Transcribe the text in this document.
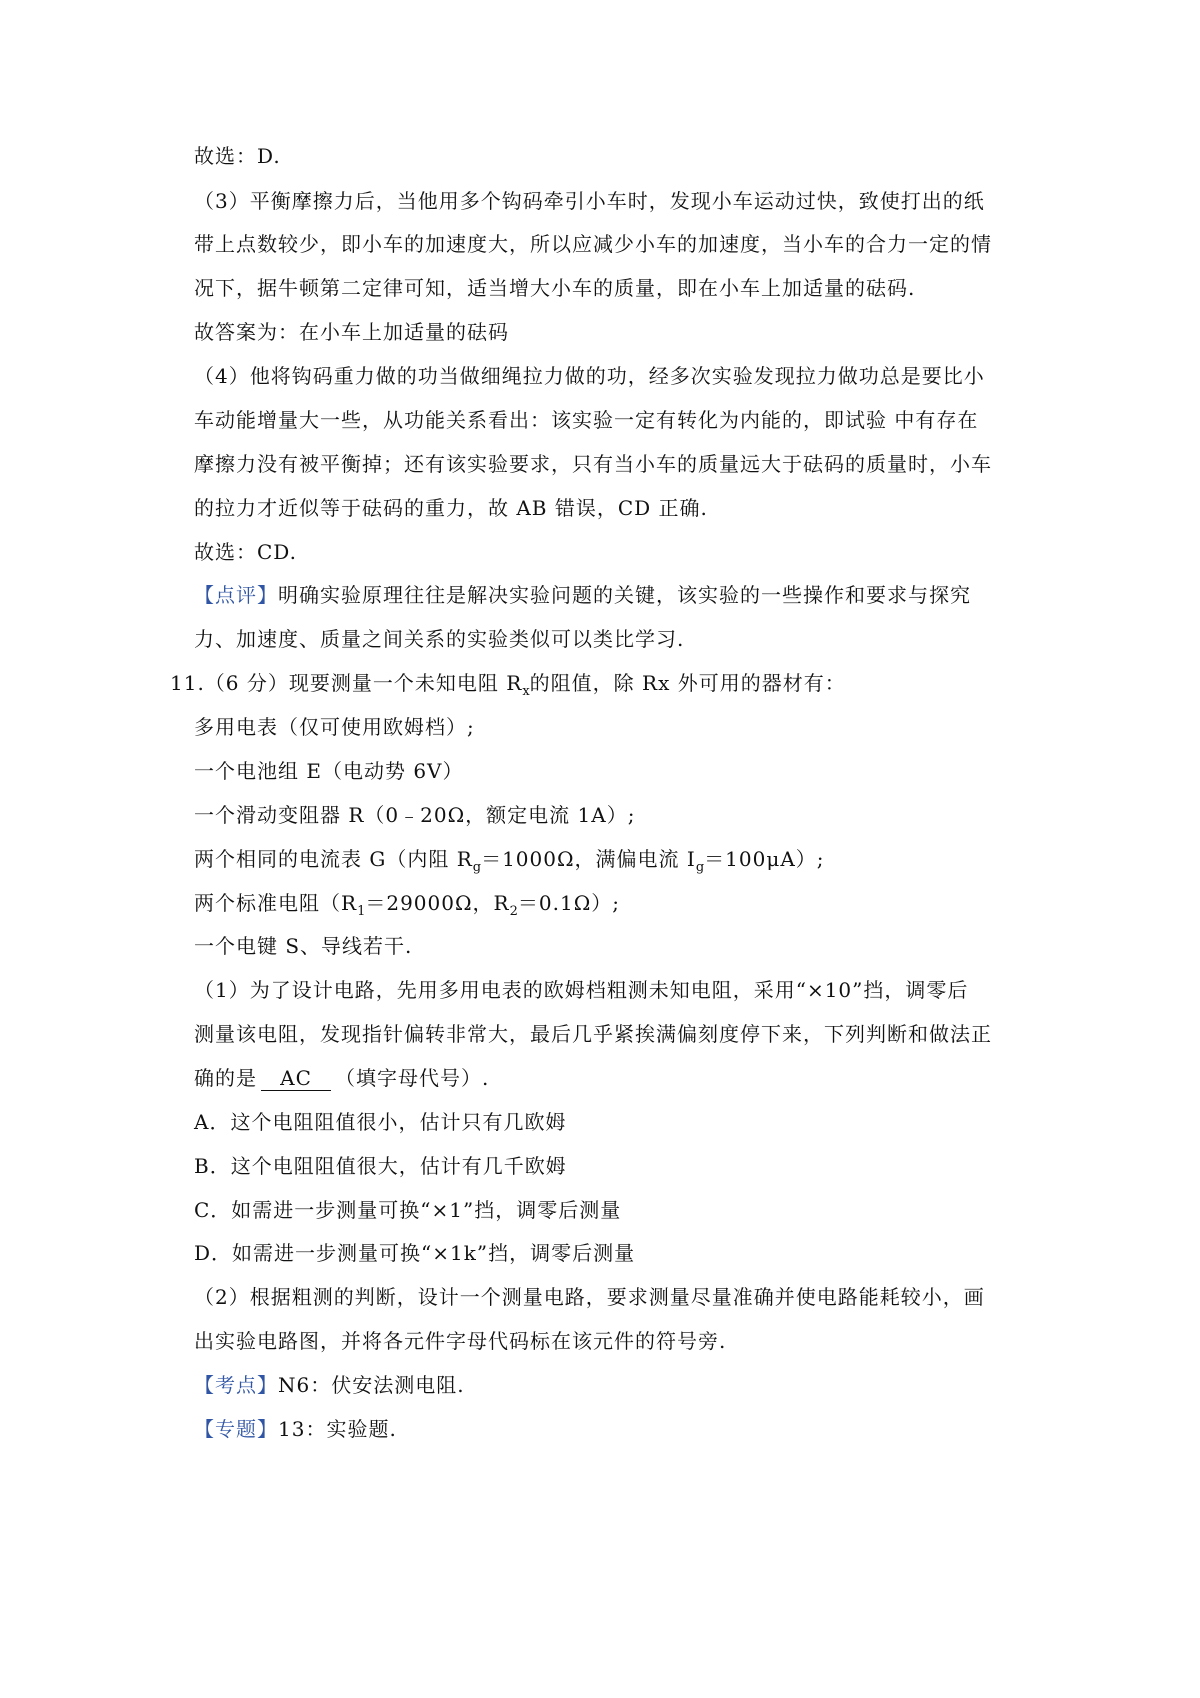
故选：D.
（3）平衡摩擦力后，当他用多个钩码牵引小车时，发现小车运动过快，致使打出的纸
带上点数较少，即小车的加速度大，所以应减少小车的加速度，当小车的合力一定的情
况下，据牛顿第二定律可知，适当增大小车的质量，即在小车上加适量的砝码.
故答案为：在小车上加适量的砝码
（4）他将钩码重力做的功当做细绳拉力做的功，经多次实验发现拉力做功总是要比小
车动能增量大一些，从功能关系看出：该实验一定有转化为内能的，即试验 中有存在
摩擦力没有被平衡掉；还有该实验要求，只有当小车的质量远大于砝码的质量时，小车
的拉力才近似等于砝码的重力，故 AB 错误，CD 正确.
故选：CD.
【点评】明确实验原理往往是解决实验问题的关键，该实验的一些操作和要求与探究
力、加速度、质量之间关系的实验类似可以类比学习.
11.（6 分）现要测量一个未知电阻 $R_x$的阻值，除 Rx 外可用的器材有：
多用电表（仅可使用欧姆档）;
一个电池组 E（电动势 6V）
一个滑动变阻器 R（0﹣20Ω，额定电流 1A）;
两个相同的电流表 G（内阻 $R_g=1000\Omega$，满偏电流 $I_g=100\mu A$）;
两个标准电阻（$R_1=29000\Omega$，$R_2=0.1\Omega$）;
一个电键 S、导线若干.
（1）为了设计电路，先用多用电表的欧姆档粗测未知电阻，采用“×10”挡，调零后
测量该电阻，发现指针偏转非常大，最后几乎紧挨满偏刻度停下来，下列判断和做法正
确的是 AC （填字母代号）.
A．这个电阻阻值很小，估计只有几欧姆
B．这个电阻阻值很大，估计有几千欧姆
C．如需进一步测量可换“×1”挡，调零后测量
D．如需进一步测量可换“×1k”挡，调零后测量
（2）根据粗测的判断，设计一个测量电路，要求测量尽量准确并使电路能耗较小，画
出实验电路图，并将各元件字母代码标在该元件的符号旁.
【考点】N6：伏安法测电阻.
【专题】13：实验题.
